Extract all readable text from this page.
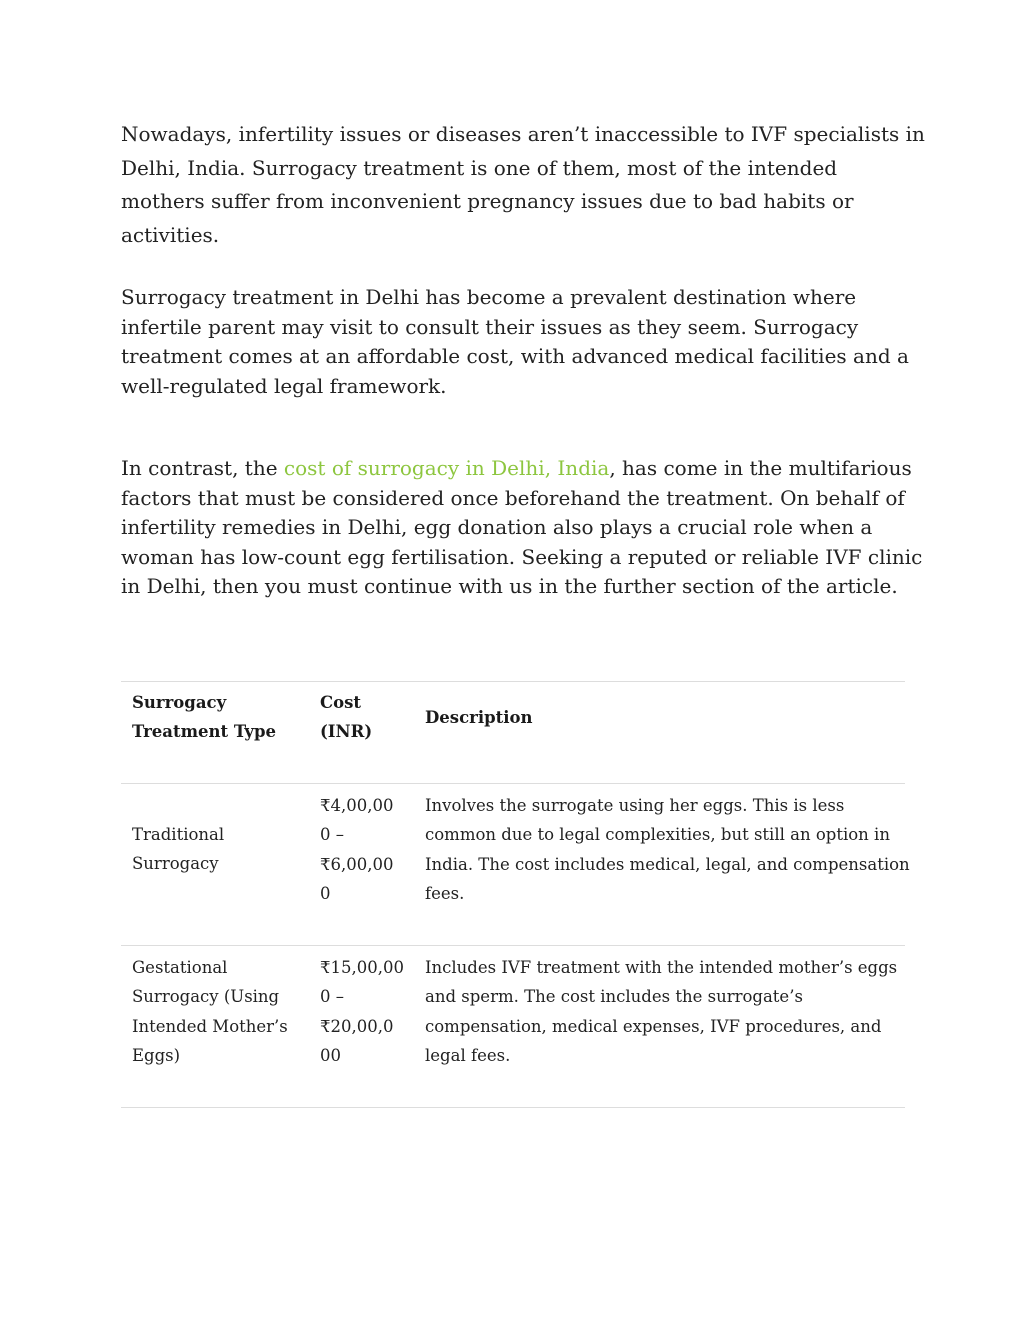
Nowadays, infertility issues or diseases aren’t inaccessible to IVF specialists in
Delhi, India. Surrogacy treatment is one of them, most of the intended
mothers suffer from inconvenient pregnancy issues due to bad habits or
activities.

Surrogacy treatment in Delhi has become a prevalent destination where
infertile parent may visit to consult their issues as they seem. Surrogacy
treatment comes at an affordable cost, with advanced medical facilities and a
well-regulated legal framework.

In contrast, the cost of surrogacy in Delhi, India, has come in the multifarious
factors that must be considered once beforehand the treatment. On behalf of
infertility remedies in Delhi, egg donation also plays a crucial role when a
woman has low-count egg fertilisation. Seeking a reputed or reliable IVF clinic
in Delhi, then you must continue with us in the further section of the article.

Surrogacy
Treatment Type
Cost
(INR)
Description
Traditional
Surrogacy
₹4,00,00
0 –
₹6,00,00
0
Involves the surrogate using her eggs. This is less
common due to legal complexities, but still an option in
India. The cost includes medical, legal, and compensation
fees.
Gestational
Surrogacy (Using
Intended Mother’s
Eggs)
₹15,00,00
0 –
₹20,00,0
00
Includes IVF treatment with the intended mother’s eggs
and sperm. The cost includes the surrogate’s
compensation, medical expenses, IVF procedures, and
legal fees.
